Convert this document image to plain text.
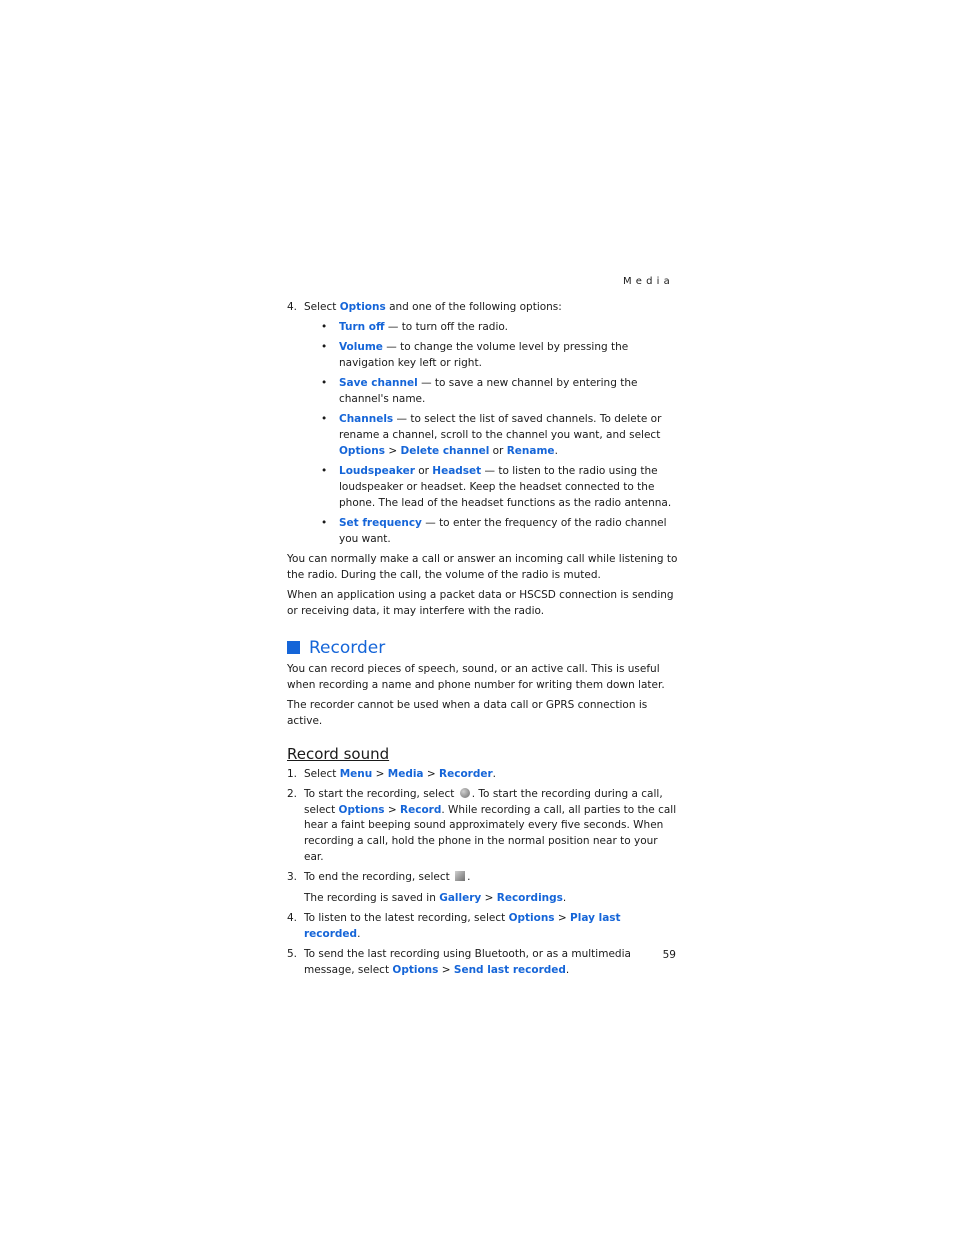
Media
4. Select Options and one of the following options:
• Turn off — to turn off the radio.
• Volume — to change the volume level by pressing the navigation key left or right.
• Save channel — to save a new channel by entering the channel's name.
• Channels — to select the list of saved channels. To delete or rename a channel, scroll to the channel you want, and select Options > Delete channel or Rename.
• Loudspeaker or Headset — to listen to the radio using the loudspeaker or headset. Keep the headset connected to the phone. The lead of the headset functions as the radio antenna.
• Set frequency — to enter the frequency of the radio channel you want.

You can normally make a call or answer an incoming call while listening to the radio. During the call, the volume of the radio is muted.

When an application using a packet data or HSCSD connection is sending or receiving data, it may interfere with the radio.

Recorder

You can record pieces of speech, sound, or an active call. This is useful when recording a name and phone number for writing them down later.

The recorder cannot be used when a data call or GPRS connection is active.

Record sound
1. Select Menu > Media > Recorder.
2. To start the recording, select . To start the recording during a call, select Options > Record. While recording a call, all parties to the call hear a faint beeping sound approximately every five seconds. When recording a call, hold the phone in the normal position near to your ear.
3. To end the recording, select .
The recording is saved in Gallery > Recordings.
4. To listen to the latest recording, select Options > Play last recorded.
5. To send the last recording using Bluetooth, or as a multimedia message, select Options > Send last recorded.
59
